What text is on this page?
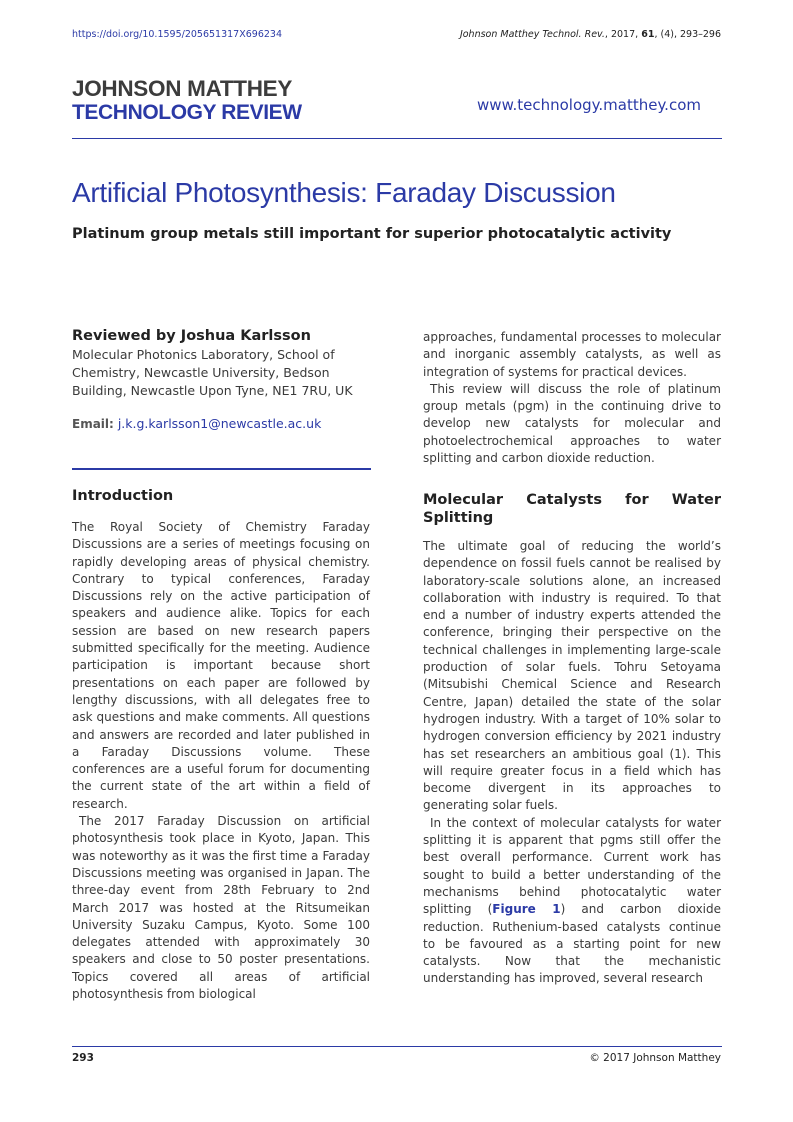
https://doi.org/10.1595/205651317X696234	Johnson Matthey Technol. Rev., 2017, 61, (4), 293–296
JOHNSON MATTHEY
TECHNOLOGY REVIEW	www.technology.matthey.com
Artificial Photosynthesis: Faraday Discussion
Platinum group metals still important for superior photocatalytic activity
Reviewed by Joshua Karlsson
Molecular Photonics Laboratory, School of Chemistry, Newcastle University, Bedson Building, Newcastle Upon Tyne, NE1 7RU, UK
Email: j.k.g.karlsson1@newcastle.ac.uk
Introduction

The Royal Society of Chemistry Faraday Discussions are a series of meetings focusing on rapidly developing areas of physical chemistry. Contrary to typical conferences, Faraday Discussions rely on the active participation of speakers and audience alike. Topics for each session are based on new research papers submitted specifically for the meeting. Audience participation is important because short presentations on each paper are followed by lengthy discussions, with all delegates free to ask questions and make comments. All questions and answers are recorded and later published in a Faraday Discussions volume. These conferences are a useful forum for documenting the current state of the art within a field of research.

The 2017 Faraday Discussion on artificial photosynthesis took place in Kyoto, Japan. This was noteworthy as it was the first time a Faraday Discussions meeting was organised in Japan. The three-day event from 28th February to 2nd March 2017 was hosted at the Ritsumeikan University Suzaku Campus, Kyoto. Some 100 delegates attended with approximately 30 speakers and close to 50 poster presentations. Topics covered all areas of artificial photosynthesis from biological

approaches, fundamental processes to molecular and inorganic assembly catalysts, as well as integration of systems for practical devices.

This review will discuss the role of platinum group metals (pgm) in the continuing drive to develop new catalysts for molecular and photoelectrochemical approaches to water splitting and carbon dioxide reduction.

Molecular Catalysts for Water Splitting

The ultimate goal of reducing the world’s dependence on fossil fuels cannot be realised by laboratory-scale solutions alone, an increased collaboration with industry is required. To that end a number of industry experts attended the conference, bringing their perspective on the technical challenges in implementing large-scale production of solar fuels. Tohru Setoyama (Mitsubishi Chemical Science and Research Centre, Japan) detailed the state of the solar hydrogen industry. With a target of 10% solar to hydrogen conversion efficiency by 2021 industry has set researchers an ambitious goal (1). This will require greater focus in a field which has become divergent in its approaches to generating solar fuels.

In the context of molecular catalysts for water splitting it is apparent that pgms still offer the best overall performance. Current work has sought to build a better understanding of the mechanisms behind photocatalytic water splitting (Figure 1) and carbon dioxide reduction. Ruthenium-based catalysts continue to be favoured as a starting point for new catalysts. Now that the mechanistic understanding has improved, several research

293	© 2017 Johnson Matthey
